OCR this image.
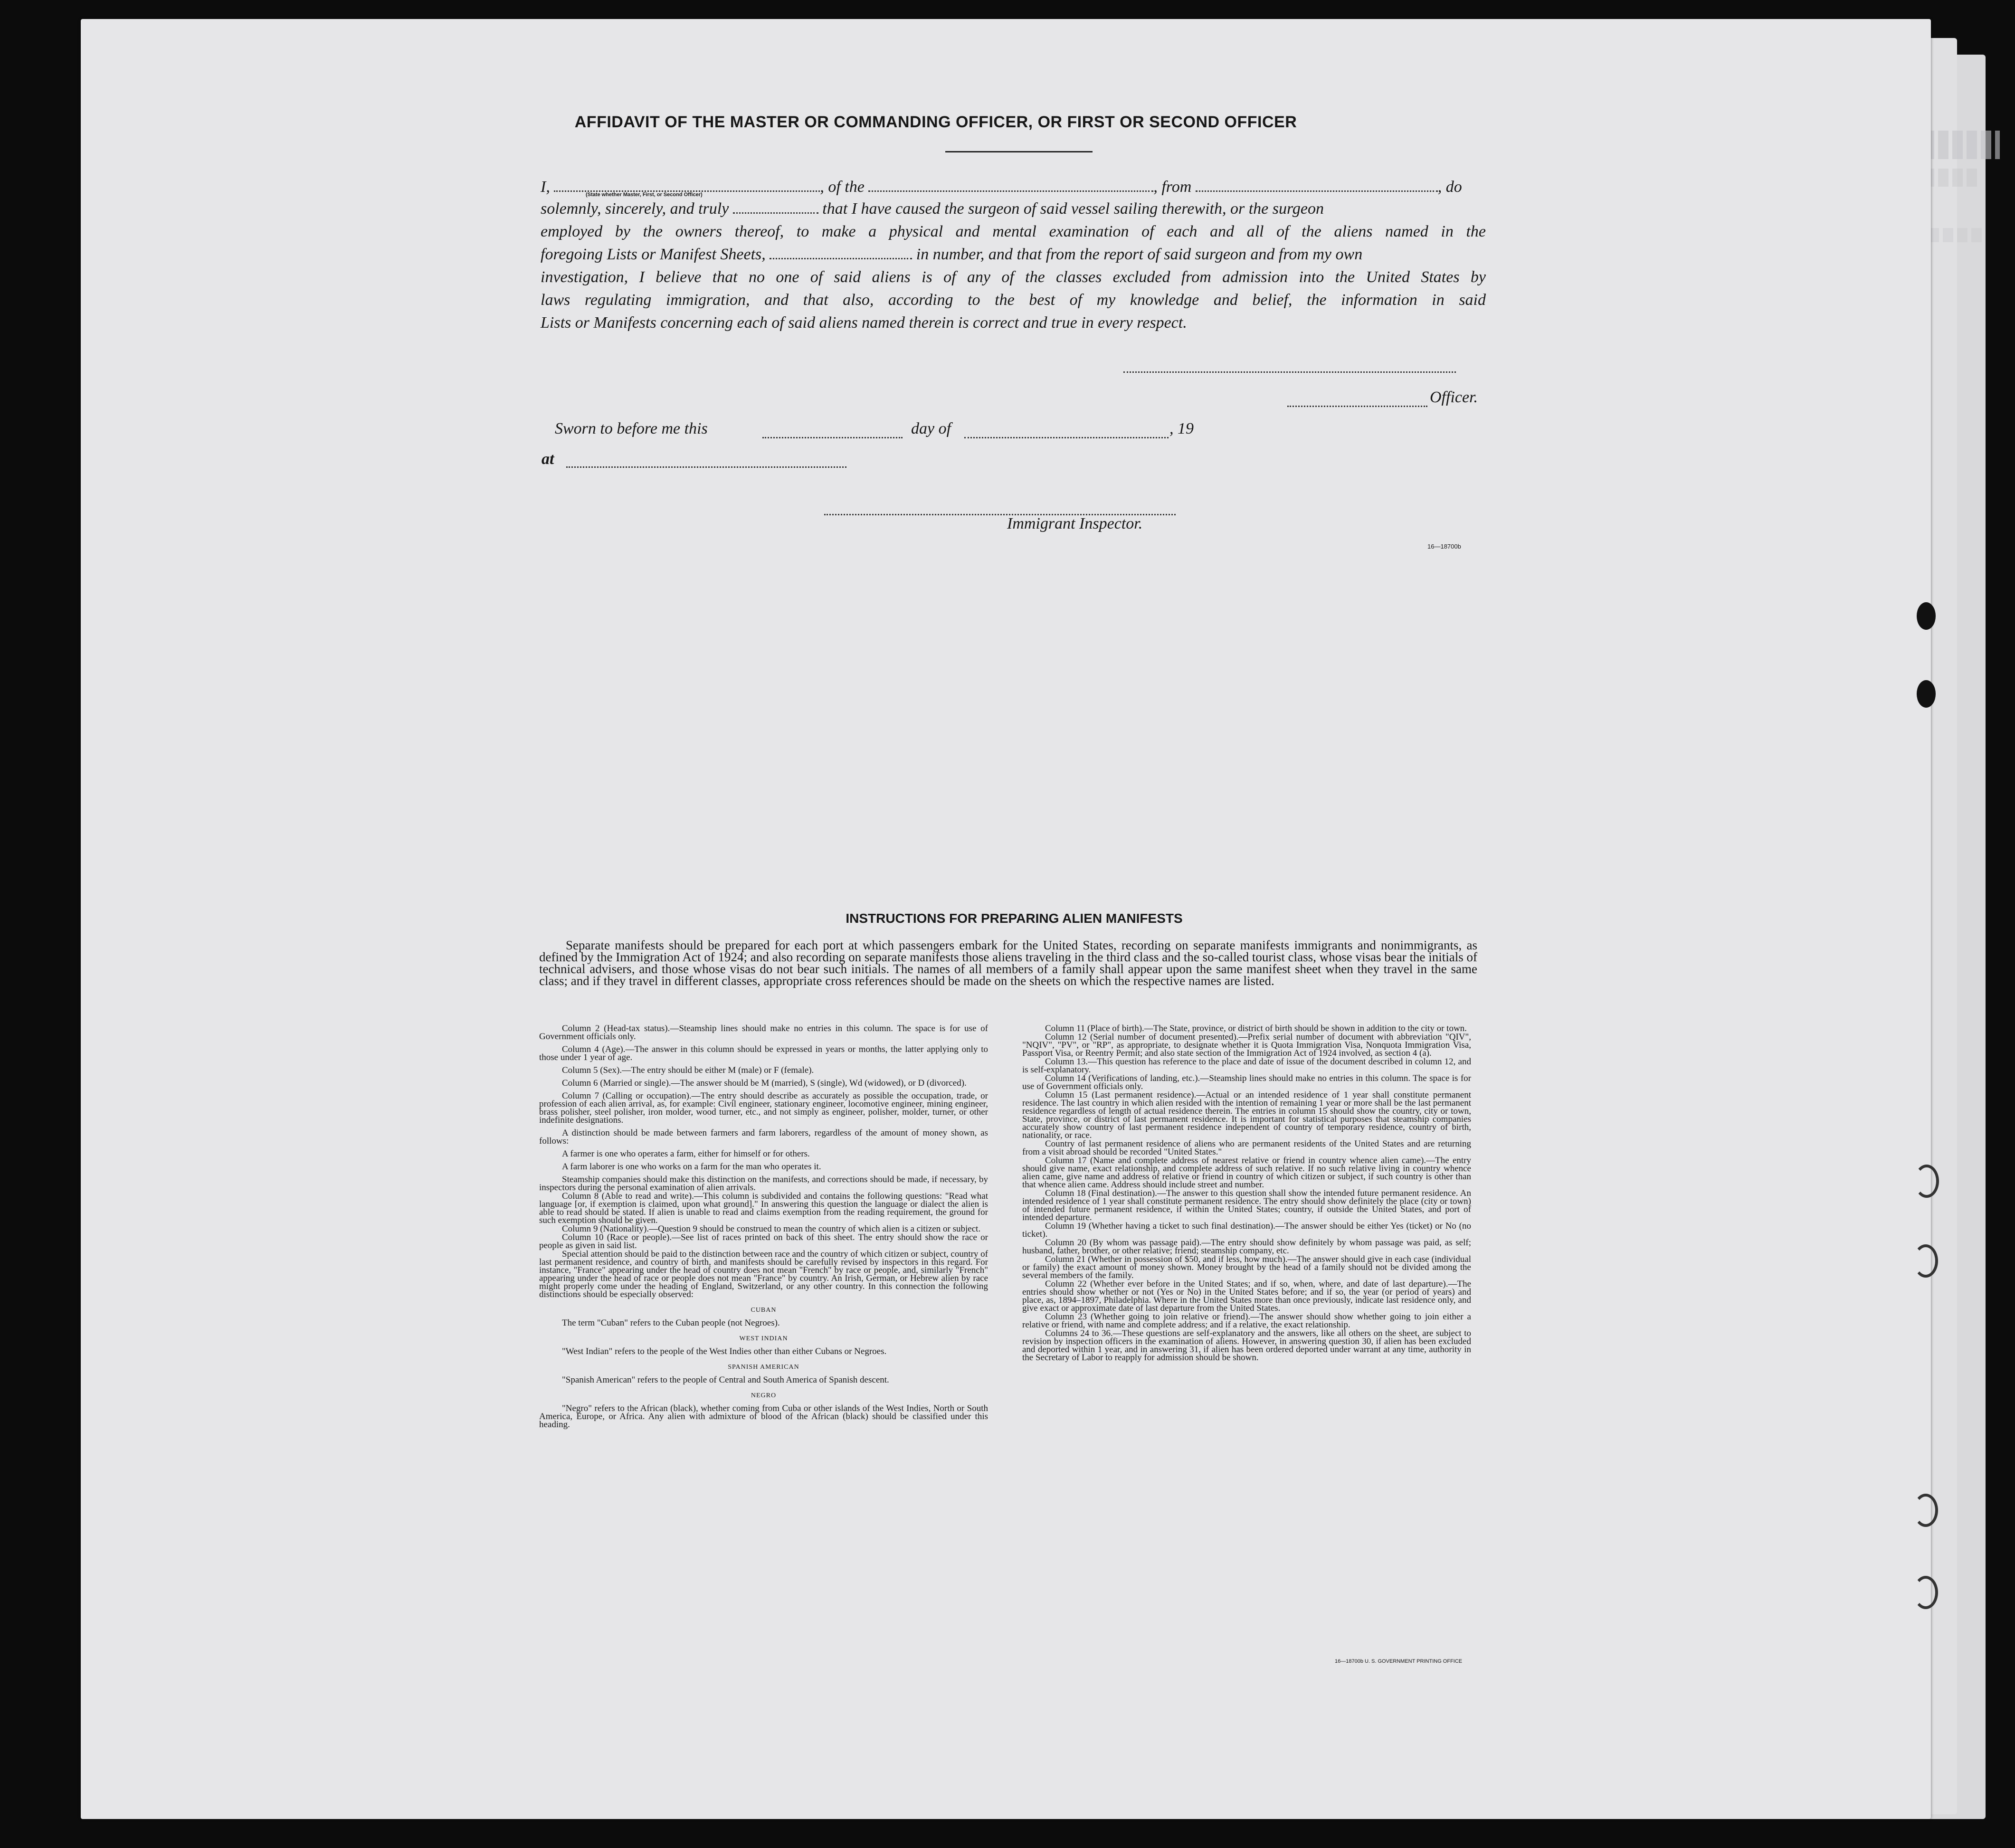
AFFIDAVIT OF THE MASTER OR COMMANDING OFFICER, OR FIRST OR SECOND OFFICER
I,	, of the	, from	, do
(State whether Master, First, or Second Officer)
solemnly, sincerely, and truly	that I have caused the surgeon of said vessel sailing therewith, or the surgeon
employed by the owners thereof, to make a physical and mental examination of each and all of the aliens named in the
foregoing Lists or Manifest Sheets,	in number, and that from the report of said surgeon and from my own
investigation, I believe that no one of said aliens is of any of the classes excluded from admission into the United States by
laws regulating immigration, and that also, according to the best of my knowledge and belief, the information in said
Lists or Manifests concerning each of said aliens named therein is correct and true in every respect.
Officer.
Sworn to before me this	day of	, 19
at
Immigrant Inspector.
16—18700b
INSTRUCTIONS FOR PREPARING ALIEN MANIFESTS
Separate manifests should be prepared for each port at which passengers embark for the United States, recording on separate manifests immigrants and nonimmigrants, as defined by the Immigration Act of 1924; and also recording on separate manifests those aliens traveling in the third class and the so-called tourist class, whose visas bear the initials of technical advisers, and those whose visas do not bear such initials. The names of all members of a family shall appear upon the same manifest sheet when they travel in the same class; and if they travel in different classes, appropriate cross references should be made on the sheets on which the respective names are listed.

Column 2 (Head-tax status).—Steamship lines should make no entries in this column. The space is for use of Government officials only.

Column 4 (Age).—The answer in this column should be expressed in years or months, the latter applying only to those under 1 year of age.

Column 5 (Sex).—The entry should be either M (male) or F (female).

Column 6 (Married or single).—The answer should be M (married), S (single), Wd (widowed), or D (divorced).

Column 7 (Calling or occupation).—The entry should describe as accurately as possible the occupation, trade, or profession of each alien arrival, as, for example: Civil engineer, stationary engineer, locomotive engineer, mining engineer, brass polisher, steel polisher, iron molder, wood turner, etc., and not simply as engineer, polisher, molder, turner, or other indefinite designations.

A distinction should be made between farmers and farm laborers, regardless of the amount of money shown, as follows:

A farmer is one who operates a farm, either for himself or for others.

A farm laborer is one who works on a farm for the man who operates it.

Steamship companies should make this distinction on the manifests, and corrections should be made, if necessary, by inspectors during the personal examination of alien arrivals.

Column 8 (Able to read and write).—This column is subdivided and contains the following questions: "Read what language [or, if exemption is claimed, upon what ground]." In answering this question the language or dialect the alien is able to read should be stated. If alien is unable to read and claims exemption from the reading requirement, the ground for such exemption should be given.

Column 9 (Nationality).—Question 9 should be construed to mean the country of which alien is a citizen or subject.

Column 10 (Race or people).—See list of races printed on back of this sheet. The entry should show the race or people as given in said list.

Special attention should be paid to the distinction between race and the country of which citizen or subject, country of last permanent residence, and country of birth, and manifests should be carefully revised by inspectors in this regard. For instance, "France" appearing under the head of country does not mean "French" by race or people, and, similarly "French" appearing under the head of race or people does not mean "France" by country. An Irish, German, or Hebrew alien by race might properly come under the heading of England, Switzerland, or any other country. In this connection the following distinctions should be especially observed:

CUBAN

The term "Cuban" refers to the Cuban people (not Negroes).

WEST INDIAN

"West Indian" refers to the people of the West Indies other than either Cubans or Negroes.

SPANISH AMERICAN

"Spanish American" refers to the people of Central and South America of Spanish descent.

NEGRO

"Negro" refers to the African (black), whether coming from Cuba or other islands of the West Indies, North or South America, Europe, or Africa. Any alien with admixture of blood of the African (black) should be classified under this heading.

Column 11 (Place of birth).—The State, province, or district of birth should be shown in addition to the city or town.

Column 12 (Serial number of document presented).—Prefix serial number of document with abbreviation "QIV", "NQIV", "PV", or "RP", as appropriate, to designate whether it is Quota Immigration Visa, Nonquota Immigration Visa, Passport Visa, or Reentry Permit; and also state section of the Immigration Act of 1924 involved, as section 4 (a).

Column 13.—This question has reference to the place and date of issue of the document described in column 12, and is self-explanatory.

Column 14 (Verifications of landing, etc.).—Steamship lines should make no entries in this column. The space is for use of Government officials only.

Column 15 (Last permanent residence).—Actual or an intended residence of 1 year shall constitute permanent residence. The last country in which alien resided with the intention of remaining 1 year or more shall be the last permanent residence regardless of length of actual residence therein. The entries in column 15 should show the country, city or town, State, province, or district of last permanent residence. It is important for statistical purposes that steamship companies accurately show country of last permanent residence independent of country of temporary residence, country of birth, nationality, or race.

Country of last permanent residence of aliens who are permanent residents of the United States and are returning from a visit abroad should be recorded "United States."

Column 17 (Name and complete address of nearest relative or friend in country whence alien came).—The entry should give name, exact relationship, and complete address of such relative. If no such relative living in country whence alien came, give name and address of relative or friend in country of which citizen or subject, if such country is other than that whence alien came. Address should include street and number.

Column 18 (Final destination).—The answer to this question shall show the intended future permanent residence. An intended residence of 1 year shall constitute permanent residence. The entry should show definitely the place (city or town) of intended future permanent residence, if within the United States; country, if outside the United States, and port of intended departure.

Column 19 (Whether having a ticket to such final destination).—The answer should be either Yes (ticket) or No (no ticket).

Column 20 (By whom was passage paid).—The entry should show definitely by whom passage was paid, as self; husband, father, brother, or other relative; friend; steamship company, etc.

Column 21 (Whether in possession of $50, and if less, how much).—The answer should give in each case (individual or family) the exact amount of money shown. Money brought by the head of a family should not be divided among the several members of the family.

Column 22 (Whether ever before in the United States; and if so, when, where, and date of last departure).—The entries should show whether or not (Yes or No) in the United States before; and if so, the year (or period of years) and place, as, 1894–1897, Philadelphia. Where in the United States more than once previously, indicate last residence only, and give exact or approximate date of last departure from the United States.

Column 23 (Whether going to join relative or friend).—The answer should show whether going to join either a relative or friend, with name and complete address; and if a relative, the exact relationship.

Columns 24 to 36.—These questions are self-explanatory and the answers, like all others on the sheet, are subject to revision by inspection officers in the examination of aliens. However, in answering question 30, if alien has been excluded and deported within 1 year, and in answering 31, if alien has been ordered deported under warrant at any time, authority in the Secretary of Labor to reapply for admission should be shown.

16—18700b U. S. GOVERNMENT PRINTING OFFICE
